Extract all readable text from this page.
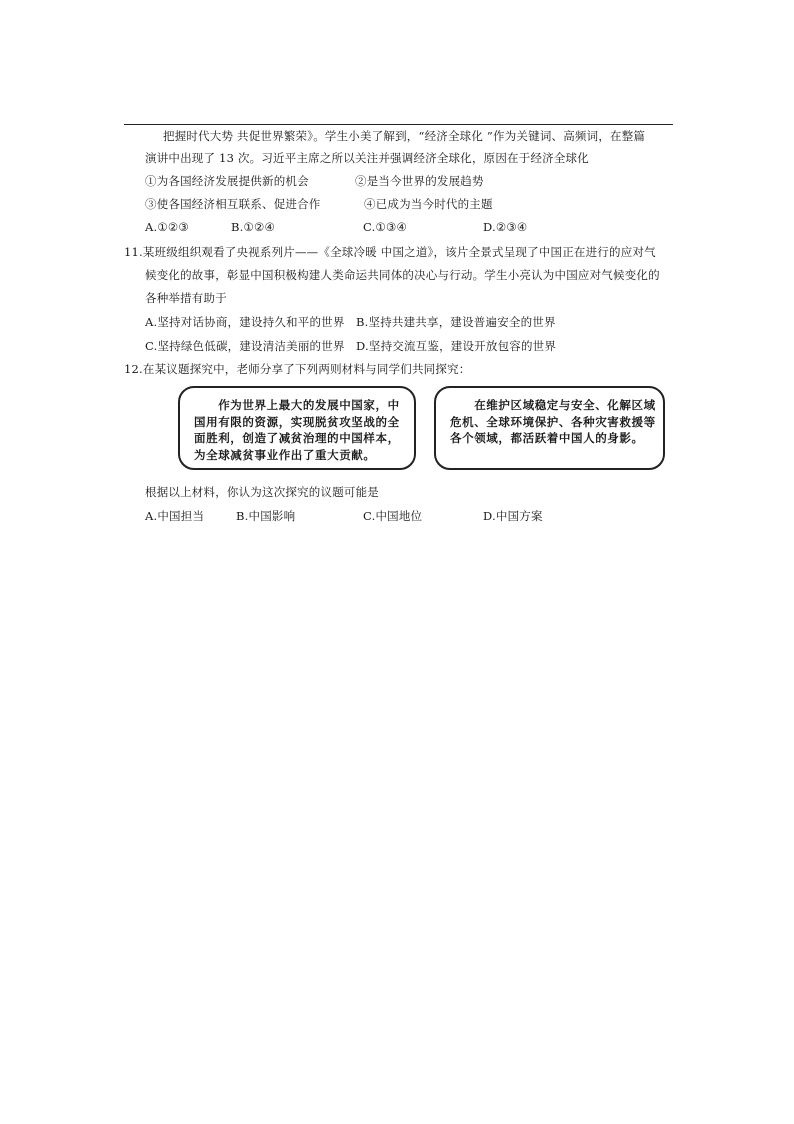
把握时代大势 共促世界繁荣》。学生小美了解到，“经济全球化 ”作为关键词、高频词，在整篇
演讲中出现了 13 次。习近平主席之所以关注并强调经济全球化，原因在于经济全球化
①为各国经济发展提供新的机会	②是当今世界的发展趋势
③使各国经济相互联系、促进合作	④已成为当今时代的主题
A.①②③	B.①②④	C.①③④	D.②③④
11.某班级组织观看了央视系列片——《全球冷暖 中国之道》，该片全景式呈现了中国正在进行的应对气
候变化的故事，彰显中国积极构建人类命运共同体的决心与行动。学生小亮认为中国应对气候变化的
各种举措有助于
A.坚持对话协商，建设持久和平的世界 B.坚持共建共享，建设普遍安全的世界
C.坚持绿色低碳，建设清洁美丽的世界 D.坚持交流互鉴，建设开放包容的世界
12.在某议题探究中，老师分享了下列两则材料与同学们共同探究：
　　作为世界上最大的发展中国家，中
国用有限的资源，实现脱贫攻坚战的全
面胜利，创造了减贫治理的中国样本，
为全球减贫事业作出了重大贡献。
　　在维护区域稳定与安全、化解区域
危机、全球环境保护、各种灾害救援等
各个领域，都活跃着中国人的身影。
根据以上材料，你认为这次探究的议题可能是
A.中国担当	B.中国影响	C.中国地位	D.中国方案
